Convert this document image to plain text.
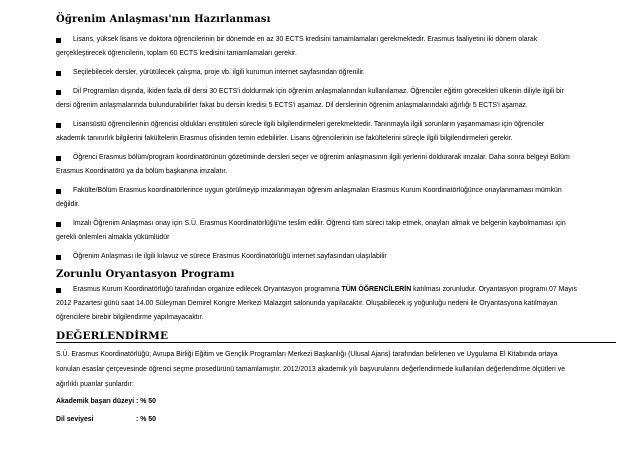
Öğrenim Anlaşması'nın Hazırlanması
Lisans, yüksek lisans ve doktora öğrencilerinin bir dönemde en az 30 ECTS kredisini tamamlamaları gerekmektedir. Erasmus faaliyetini iki dönem olarak
gerçekleştirecek öğrencilerin, toplam 60 ECTS kredisini tamamlamaları gerekir.
Seçilebilecek dersler, yürütülecek çalışma, proje vb. ilgili kurumun internet sayfasından öğrenilir.
Dil Programları dışında, ikiden fazla dil dersi 30 ECTS'i doldurmak için öğrenim anlaşmalarından kullanılamaz. Öğrenciler eğitim görecekleri ülkenin diliyle ilgili bir
dersi öğrenim anlaşmalarında bulundurabilirler fakat bu dersin kredisi 5 ECTS'i aşamaz. Dil derslerinin öğrenim anlaşmalarındaki ağırlığı 5 ECTS'i aşamaz.
Lisansüstü öğrencilerinin öğrencisi oldukları enstitüleri sürecle ilgili bilgilendirmeleri gerekmektedir. Tanınmayla ilgili sorunların yaşanmaması için öğrenciler
akademik tanınırlık bilgilerini fakültelerin Erasmus ofisinden temin edebilirler. Lisans öğrencilerinin ise fakültelerini süreçle ilgili bilgilendirmeleri gerekir.
Öğrenci Erasmus bölüm/program koordinatörünün gözetiminde dersleri seçer ve öğrenim anlaşmasının ilgili yerlerini doldurarak imzalar. Daha sonra belgeyi Bölüm
Erasmus Koordinatörü ya da bölüm başkanına imzalatır.
Fakülte/Bölüm Erasmus koordinatörlerince uygun görülmeyip imzalanmayan öğrenim anlaşmaları Erasmus Kurum Koordinatörlüğünce onaylanmaması mümkün
değildir.
İmzalı Öğrenim Anlaşması onay için S.Ü. Erasmus Koordinatörlüğü'ne teslim edilir. Öğrenci tüm süreci takip etmek, onayları almak ve belgenin kaybolmaması için
gerekli önlemleri almakla yükümlüdür
Öğrenim Anlaşması ile ilgili kılavuz ve sürece Erasmus Koordinatörlüğü internet sayfasından ulaşılabilir
Zorunlu Oryantasyon Programı
Erasmus Kurum Koordinatörlüğü tarafından organize edilecek Oryantasyon programına TÜM ÖĞRENCİLERİN katılması zorunludur. Oryantasyon programı 07 Mayıs
2012 Pazartesi günü saat 14.00 Süleyman Demirel Kongre Merkezi Malazgirt salonunda yapılacaktır. Oluşabilecek iş yoğunluğu nedeni ile Oryantasyona katılmayan
öğrencilere birebir bilgilendirme yapılmayacaktır.
DEĞERLENDİRME

S.Ü. Erasmus Koordinatörlüğü; Avrupa Birliği Eğitim ve Gençlik Programları Merkezi Başkanlığı (Ulusal Ajans) tarafından belirlenen ve Uygulama El Kitabında ortaya
konulan esaslar çerçevesinde öğrenci seçme prosedürünü tamamlamıştır. 2012/2013 akademik yılı başvurularını değerlendirmede kullanılan değerlendirme ölçütleri ve
ağırlıklı puanlar şunlardır:

Akademik başarı düzeyi : % 50
Dil seviyesi	: % 50
